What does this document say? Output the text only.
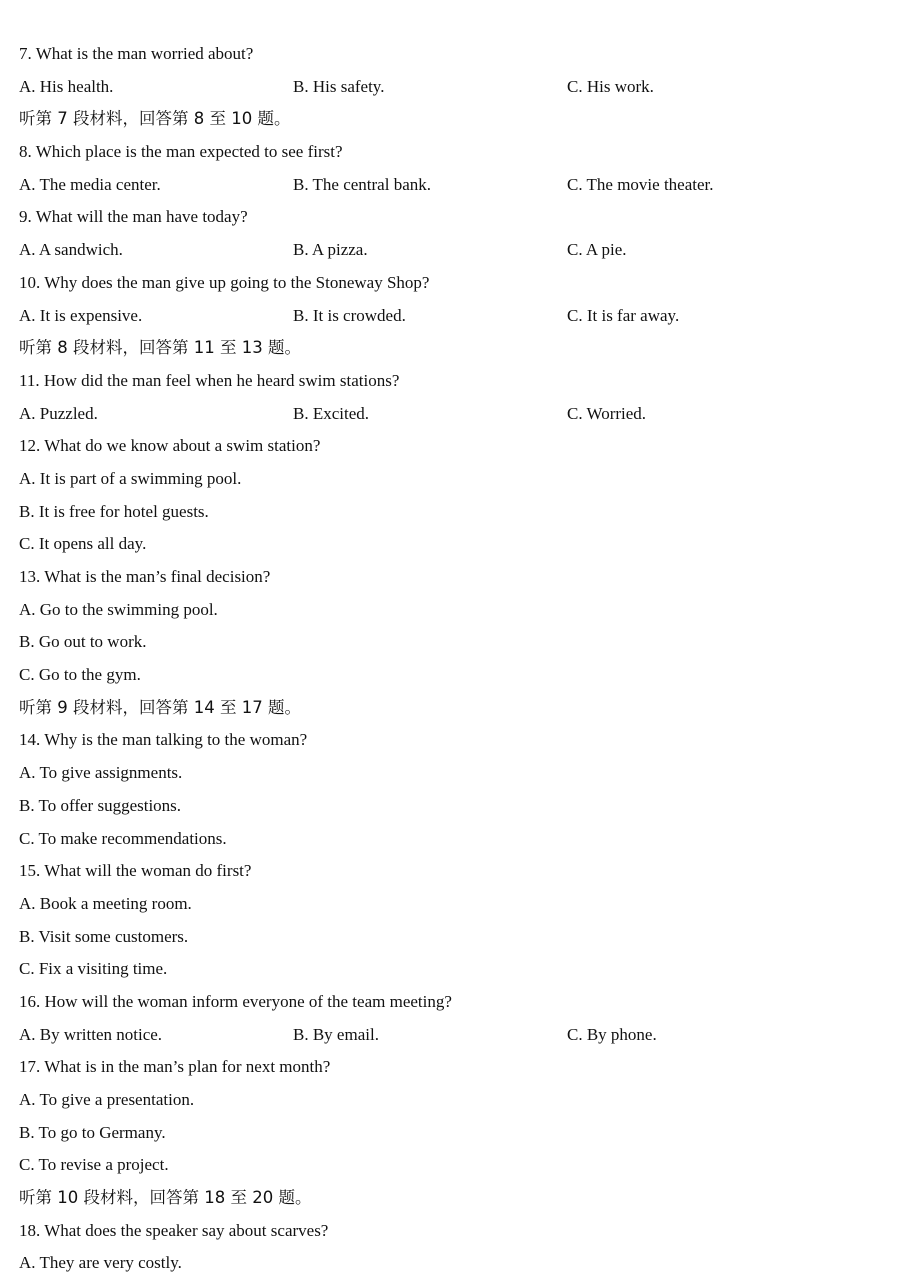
7. What is the man worried about?
A. His health.	B. His safety.	C. His work.
听第 7 段材料，回答第 8 至 10 题。
8. Which place is the man expected to see first?
A. The media center.	B. The central bank.	C. The movie theater.
9. What will the man have today?
A. A sandwich.	B. A pizza.	C. A pie.
10. Why does the man give up going to the Stoneway Shop?
A. It is expensive.	B. It is crowded.	C. It is far away.
听第 8 段材料，回答第 11 至 13 题。
11. How did the man feel when he heard swim stations?
A. Puzzled.	B. Excited.	C. Worried.
12. What do we know about a swim station?
A. It is part of a swimming pool.
B. It is free for hotel guests.
C. It opens all day.
13. What is the man’s final decision?
A. Go to the swimming pool.
B. Go out to work.
C. Go to the gym.
听第 9 段材料，回答第 14 至 17 题。
14. Why is the man talking to the woman?
A. To give assignments.
B. To offer suggestions.
C. To make recommendations.
15. What will the woman do first?
A. Book a meeting room.
B. Visit some customers.
C. Fix a visiting time.
16. How will the woman inform everyone of the team meeting?
A. By written notice.	B. By email.	C. By phone.
17. What is in the man’s plan for next month?
A. To give a presentation.
B. To go to Germany.
C. To revise a project.
听第 10 段材料，回答第 18 至 20 题。
18. What does the speaker say about scarves?
A. They are very costly.
